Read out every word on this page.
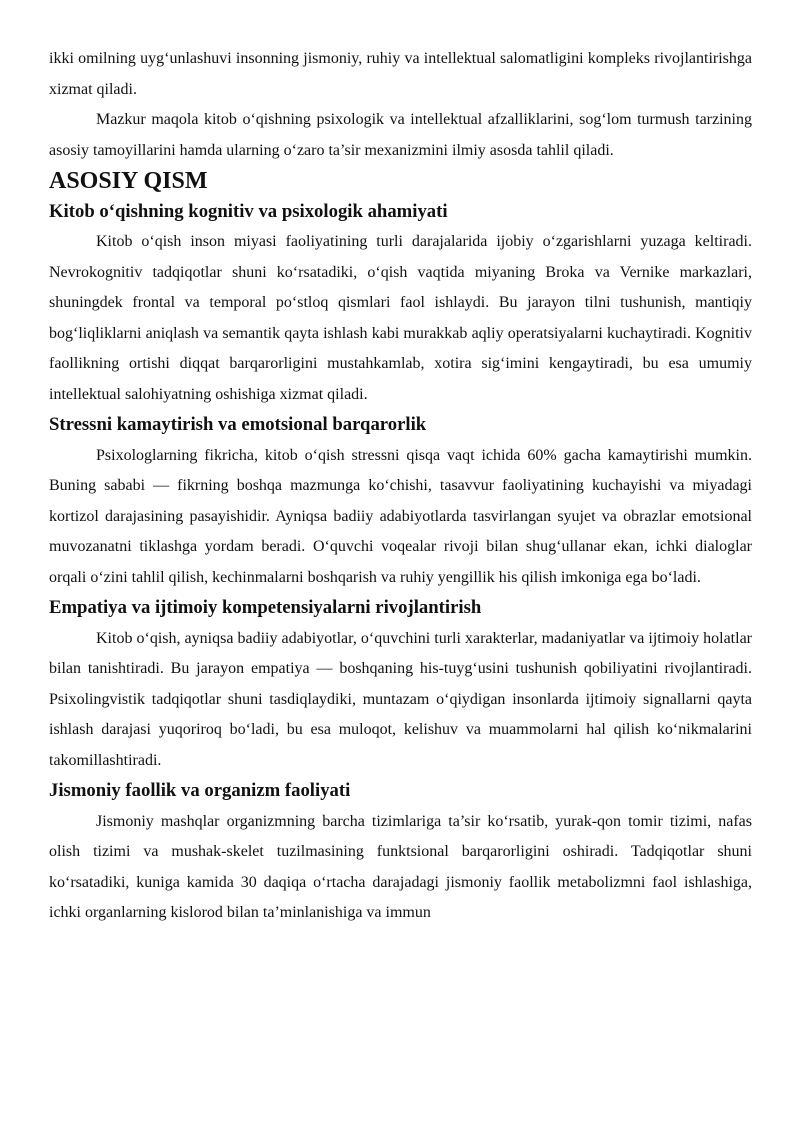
ikki omilning uyg‘unlashuvi insonning jismoniy, ruhiy va intellektual salomatligini kompleks rivojlantirishga xizmat qiladi.

Mazkur maqola kitob o‘qishning psixologik va intellektual afzalliklarini, sog‘lom turmush tarzining asosiy tamoyillarini hamda ularning o‘zaro ta’sir mexanizmini ilmiy asosda tahlil qiladi.

ASOSIY QISM
Kitob o‘qishning kognitiv va psixologik ahamiyati

Kitob o‘qish inson miyasi faoliyatining turli darajalarida ijobiy o‘zgarishlarni yuzaga keltiradi. Nevrokognitiv tadqiqotlar shuni ko‘rsatadiki, o‘qish vaqtida miyaning Broka va Vernike markazlari, shuningdek frontal va temporal po‘stloq qismlari faol ishlaydi. Bu jarayon tilni tushunish, mantiqiy bog‘liqliklarni aniqlash va semantik qayta ishlash kabi murakkab aqliy operatsiyalarni kuchaytiradi. Kognitiv faollikning ortishi diqqat barqarorligini mustahkamlab, xotira sig‘imini kengaytiradi, bu esa umumiy intellektual salohiyatning oshishiga xizmat qiladi.

Stressni kamaytirish va emotsional barqarorlik

Psixologlarning fikricha, kitob o‘qish stressni qisqa vaqt ichida 60% gacha kamaytirishi mumkin. Buning sababi — fikrning boshqa mazmunga ko‘chishi, tasavvur faoliyatining kuchayishi va miyadagi kortizol darajasining pasayishidir. Ayniqsa badiiy adabiyotlarda tasvirlangan syujet va obrazlar emotsional muvozanatni tiklashga yordam beradi. O‘quvchi voqealar rivoji bilan shug‘ullanar ekan, ichki dialoglar orqali o‘zini tahlil qilish, kechinmalarni boshqarish va ruhiy yengillik his qilish imkoniga ega bo‘ladi.

Empatiya va ijtimoiy kompetensiyalarni rivojlantirish

Kitob o‘qish, ayniqsa badiiy adabiyotlar, o‘quvchini turli xarakterlar, madaniyatlar va ijtimoiy holatlar bilan tanishtiradi. Bu jarayon empatiya — boshqaning his-tuyg‘usini tushunish qobiliyatini rivojlantiradi. Psixolingvistik tadqiqotlar shuni tasdiqlaydiki, muntazam o‘qiydigan insonlarda ijtimoiy signallarni qayta ishlash darajasi yuqoriroq bo‘ladi, bu esa muloqot, kelishuv va muammolarni hal qilish ko‘nikmalarini takomillashtiradi.

Jismoniy faollik va organizm faoliyati

Jismoniy mashqlar organizmning barcha tizimlariga ta’sir ko‘rsatib, yurak-qon tomir tizimi, nafas olish tizimi va mushak-skelet tuzilmasining funktsional barqarorligini oshiradi. Tadqiqotlar shuni ko‘rsatadiki, kuniga kamida 30 daqiqa o‘rtacha darajadagi jismoniy faollik metabolizmni faol ishlashiga, ichki organlarning kislorod bilan ta’minlanishiga va immun
